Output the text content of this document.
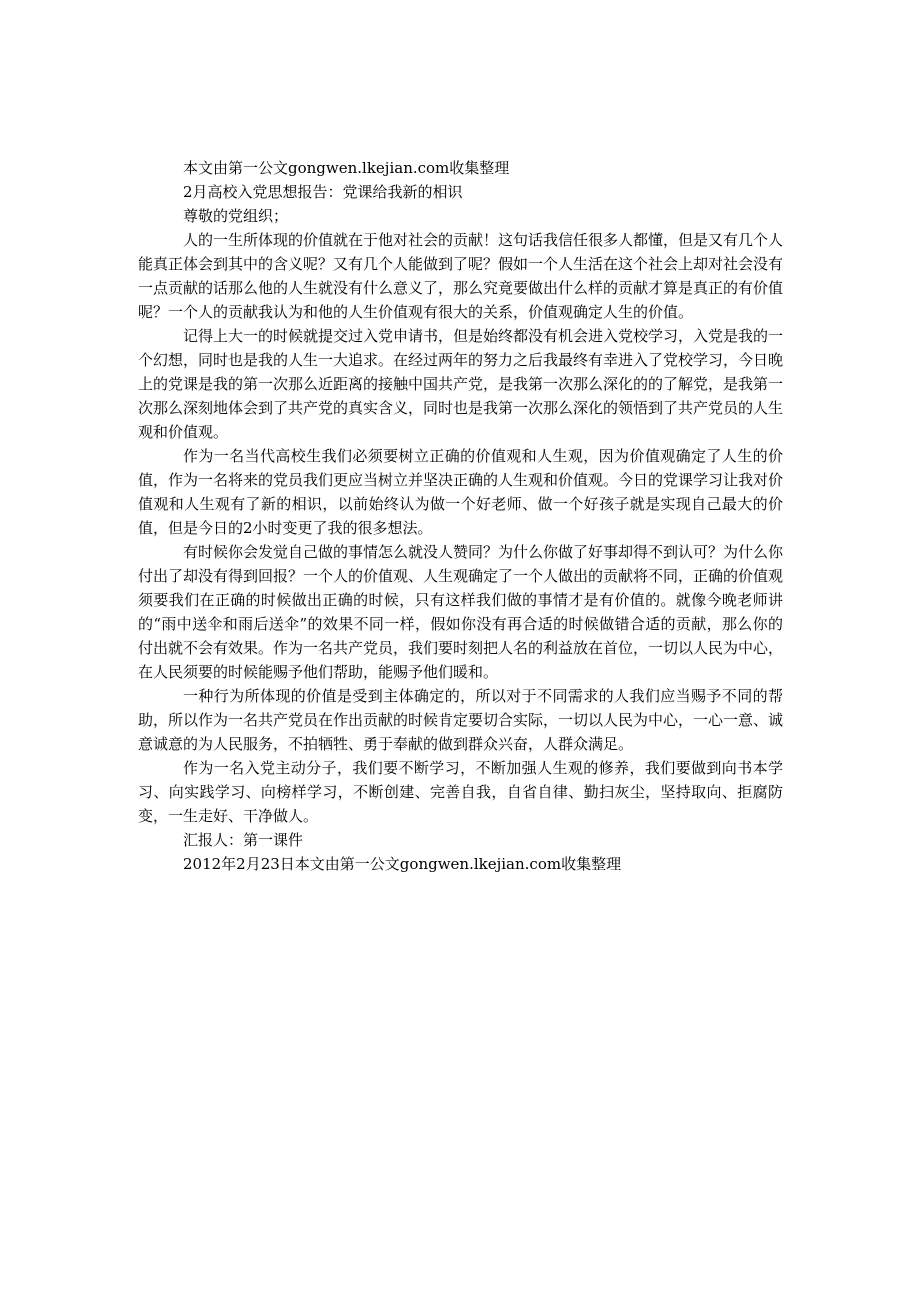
本文由第一公文gongwen.lkejian.com收集整理

2月高校入党思想报告：党课给我新的相识

尊敬的党组织；

人的一生所体现的价值就在于他对社会的贡献！这句话我信任很多人都懂，但是又有几个人能真正体会到其中的含义呢？又有几个人能做到了呢？假如一个人生活在这个社会上却对社会没有一点贡献的话那么他的人生就没有什么意义了，那么究竟要做出什么样的贡献才算是真正的有价值呢？一个人的贡献我认为和他的人生价值观有很大的关系，价值观确定人生的价值。

记得上大一的时候就提交过入党申请书，但是始终都没有机会进入党校学习，入党是我的一个幻想，同时也是我的人生一大追求。在经过两年的努力之后我最终有幸进入了党校学习，今日晚上的党课是我的第一次那么近距离的接触中国共产党，是我第一次那么深化的的了解党，是我第一次那么深刻地体会到了共产党的真实含义，同时也是我第一次那么深化的领悟到了共产党员的人生观和价值观。

作为一名当代高校生我们必须要树立正确的价值观和人生观，因为价值观确定了人生的价值，作为一名将来的党员我们更应当树立并坚决正确的人生观和价值观。今日的党课学习让我对价值观和人生观有了新的相识，以前始终认为做一个好老师、做一个好孩子就是实现自己最大的价值，但是今日的2小时变更了我的很多想法。

有时候你会发觉自己做的事情怎么就没人赞同？为什么你做了好事却得不到认可？为什么你付出了却没有得到回报？一个人的价值观、人生观确定了一个人做出的贡献将不同，正确的价值观须要我们在正确的时候做出正确的时候，只有这样我们做的事情才是有价值的。就像今晚老师讲的“雨中送伞和雨后送伞”的效果不同一样，假如你没有再合适的时候做错合适的贡献，那么你的付出就不会有效果。作为一名共产党员，我们要时刻把人名的利益放在首位，一切以人民为中心，在人民须要的时候能赐予他们帮助，能赐予他们暖和。

一种行为所体现的价值是受到主体确定的，所以对于不同需求的人我们应当赐予不同的帮助，所以作为一名共产党员在作出贡献的时候肯定要切合实际，一切以人民为中心，一心一意、诚意诚意的为人民服务，不拍牺牲、勇于奉献的做到群众兴奋，人群众满足。

作为一名入党主动分子，我们要不断学习，不断加强人生观的修养，我们要做到向书本学习、向实践学习、向榜样学习，不断创建、完善自我，自省自律、勤扫灰尘，坚持取向、拒腐防变，一生走好、干净做人。

汇报人：第一课件

2012年2月23日本文由第一公文gongwen.lkejian.com收集整理
